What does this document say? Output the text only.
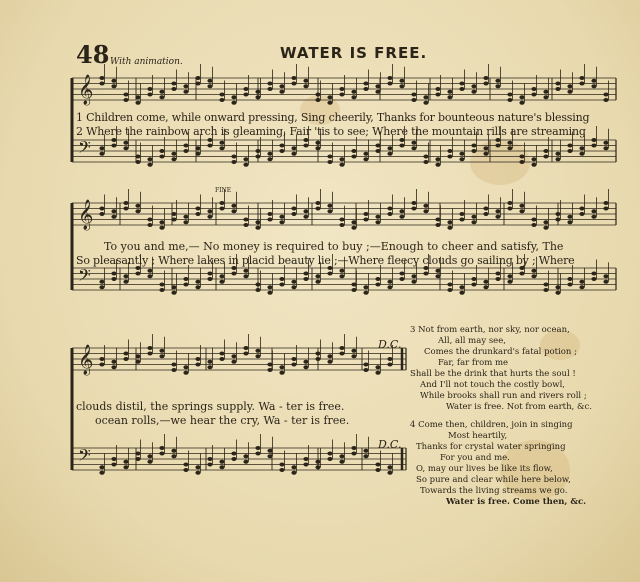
𝄞
𝄞
𝄞
𝄢
𝄢
𝄢
48	WATER IS FREE.
With animation.
1 Children come, while onward pressing, Sing cheerily, Thanks for bounteous nature's blessing
2 Where the rainbow arch is gleaming, Fair 'tis to see; Where the mountain rills are streaming
FINE
To you and me,— No money is required to buy ;—Enough to cheer and satisfy, The
So pleasantly ; Where lakes in placid beauty lie ;—Where fleecy clouds go sailing by ; Where
clouds distil, the springs supply. Wa - ter is free.
ocean rolls,—we hear the cry, Wa - ter is free.
D.C.
D.C.
3 Not from earth, nor sky, nor ocean,
All, all may see,
Comes the drunkard's fatal potion ;
Far, far from me
Shall be the drink that hurts the soul !
And I'll not touch the costly bowl,
While brooks shall run and rivers roll ;
Water is free. Not from earth, &c.
4 Come then, children, join in singing
Most heartily,
Thanks for crystal water springing
For you and me.
O, may our lives be like its flow,
So pure and clear while here below,
Towards the living streams we go.
Water is free. Come then, &c.
